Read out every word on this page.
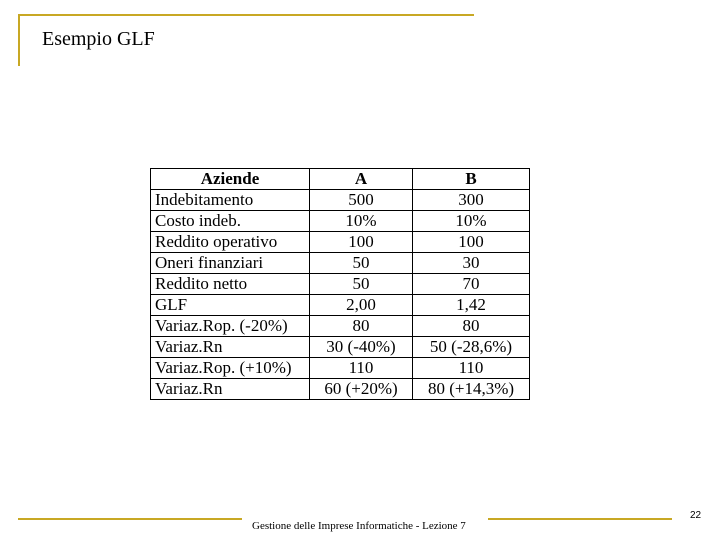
Esempio GLF
Aziende	A	B
Indebitamento	500	300
Costo indeb.	10%	10%
Reddito operativo	100	100
Oneri finanziari	50	30
Reddito netto	50	70
GLF	2,00	1,42
Variaz.Rop. (-20%)	80	80
Variaz.Rn	30 (-40%)	50 (-28,6%)
Variaz.Rop. (+10%)	110	110
Variaz.Rn	60 (+20%)	80 (+14,3%)
Gestione delle Imprese Informatiche - Lezione 7
22
